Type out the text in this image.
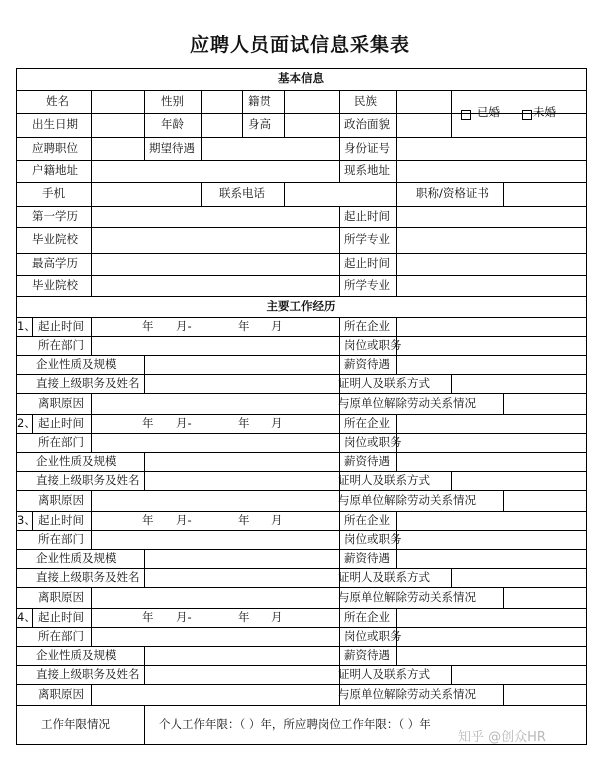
应聘人员面试信息采集表
基本信息
姓名	性别	籍贯	民族
出生日期	年龄	身高	政治面貌
已婚	未婚
应聘职位	期望待遇	身份证号
户籍地址	现系地址
手机	联系电话	职称/资格证书
第一学历	起止时间
毕业院校	所学专业
最高学历	起止时间
毕业院校	所学专业
主要工作经历
1、 起止时间	年 月-	年 月	所在企业
所在部门	岗位或职务
企业性质及规模	薪资待遇
直接上级职务及姓名	证明人及联系方式
离职原因	与原单位解除劳动关系情况
2、 起止时间	年 月-	年 月	所在企业
所在部门	岗位或职务
企业性质及规模	薪资待遇
直接上级职务及姓名	证明人及联系方式
离职原因	与原单位解除劳动关系情况
3、 起止时间	年 月-	年 月	所在企业
所在部门	岗位或职务
企业性质及规模	薪资待遇
直接上级职务及姓名	证明人及联系方式
离职原因	与原单位解除劳动关系情况
4、 起止时间	年 月-	年 月	所在企业
所在部门	岗位或职务
企业性质及规模	薪资待遇
直接上级职务及姓名	证明人及联系方式
离职原因	与原单位解除劳动关系情况
工作年限情况	个人工作年限：（ ）年，所应聘岗位工作年限：（ ）年
知乎 @创众HR
